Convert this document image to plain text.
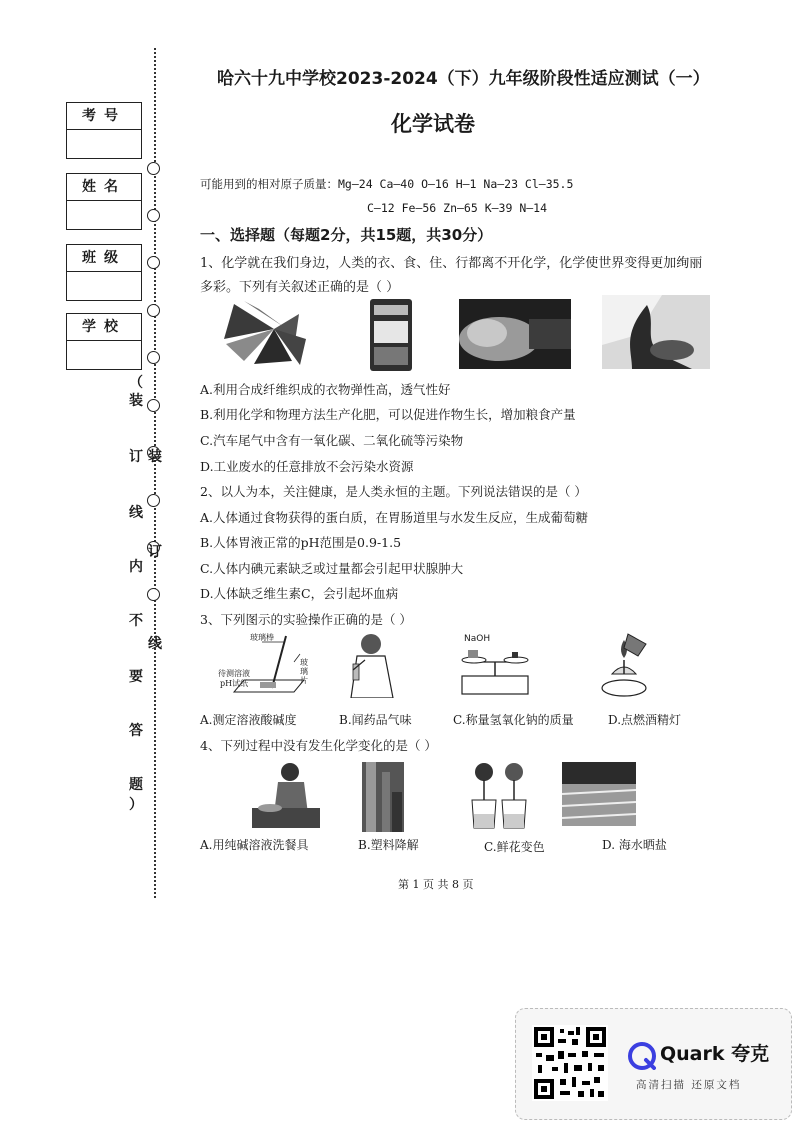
考号
姓名
班级
学校
（
装
订
线
内
不
要
答
题
）
装
订
线
哈六十九中学校2023-2024（下）九年级阶段性适应测试（一）
化学试卷
可能用到的相对原子质量：Mg—24 Ca—40 O—16 H—1 Na—23 Cl—35.5
C—12 Fe—56 Zn—65 K—39 N—14
一、选择题（每题2分，共15题，共30分）
1、化学就在我们身边，人类的衣、食、住、行都离不开化学，化学使世界变得更加绚丽
多彩。下列有关叙述正确的是（ ）
A.利用合成纤维织成的衣物弹性高，透气性好
B.利用化学和物理方法生产化肥，可以促进作物生长，增加粮食产量
C.汽车尾气中含有一氧化碳、二氧化硫等污染物
D.工业废水的任意排放不会污染水资源
2、以人为本，关注健康，是人类永恒的主题。下列说法错误的是（ ）
A.人体通过食物获得的蛋白质，在胃肠道里与水发生反应，生成葡萄糖
B.人体胃液正常的pH范围是0.9-1.5
C.人体内碘元素缺乏或过量都会引起甲状腺肿大
D.人体缺乏维生素C，会引起坏血病
3、下列图示的实验操作正确的是（ ）
玻璃棒
待测溶液
pH试纸
玻璃片
NaOH
A.测定溶液酸碱度	B.闻药品气味	C.称量氢氧化钠的质量	D.点燃酒精灯
4、下列过程中没有发生化学变化的是（ ）
A.用纯碱溶液洗餐具	B.塑料降解	C.鲜花变色	D. 海水晒盐
第 1 页 共 8 页
Quark 夸克
高清扫描 还原文档
